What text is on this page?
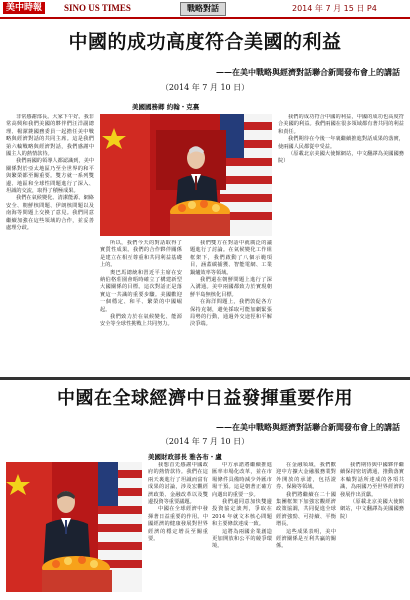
美中時報	SINO US TIMES	戰略對話	2014 年 7 月 15 日 P4
中國的成功高度符合美國的利益
——在美中戰略與經濟對話聯合新聞發布會上的講話
（2014 年 7 月 10 日）
美國國務卿 約翰・克裏

非常感謝部長。大家下午好。我非常高興和我們美國的夥伴們汪洋副總理、楊潔篪國務委員一起擔任美中戰略與經濟對話的共同主席。這是我們第六輪戰略與經濟對話，我們感謝中國主人的熱情款待。

我們兩國的領導人都認識到，美中關係對於亞太地區乃至全世界的和平與繁榮都至關重要。雙方就一系列雙邊、地區和全球性問題進行了深入、坦誠的交流，取得了積極成果。

我們在氣候變化、清潔能源、網絡安全、朝鮮核問題、伊朗核問題以及南海等問題上交換了意見。我們同意繼續加強在這些領域的合作，並妥善處理分歧。

所以，我們今天的對話取得了實質性成果。我們的合作夥伴關係是建立在相互尊重和共同利益基礎上的。

奧巴馬總統和習近平主席在安納伯格莊園會晤時確立了構建新型大國關係的目標。這次對話正是落實這一共識的重要步驟。美國歡迎一個穩定、和平、繁榮的中國崛起。

我們致力於在氣候變化、能源安全等全球性挑戰上共同努力。

我們雙方在對話中就廣泛的議題進行了討論。在氣候變化工作組框架下，我們啟動了八個示範項目，涵蓋碳捕獲、智能電網、工業鍋爐效率等領域。

我們還在朝鮮問題上進行了深入溝通。美中兩國都致力於實現朝鮮半島無核化目標。

在海洋問題上，我們敦促各方保持克制，避免採取可能加劇緊張局勢的行動，通過外交途徑和平解決爭端。

我們的成功符合中國的利益，中國的成功也高度符合美國的利益。我們兩國在很多領域都有著共同的利益和責任。

我們期待在今後一年裏繼續推進對話成果的落實，使兩國人民都從中受益。

（原載北京美國大使館網站，中文翻譯為美國國務院）

中國在全球經濟中日益發揮重要作用
——在美中戰略與經濟對話聯合新聞發布會上的講話
（2014 年 7 月 10 日）
美國財政部長 雅各布・盧

我想首先感謝中國政府的熱情款待。我們在這兩天裏進行了坦誠而富有成果的討論，涉及宏觀經濟政策、金融改革以及雙邊投資等重要議題。

中國在全球經濟中發揮著日益重要的作用。中國經濟的健康發展對世界經濟的穩定增長至關重要。

中方承諾將繼續推進匯率市場化改革，並在市場條件具備時減少外匯市場干預。這是朝著正確方向邁出的重要一步。

我們還同意加快雙邊投資協定談判，爭取在 2014 年就文本核心問題和主要條款達成一致。

這將為兩國企業創造更加開放和公平的競爭環境。

在金融領域，我們歡迎中方擴大金融服務業對外開放的承諾，包括證券、保險等領域。

我們將繼續在二十國集團框架下加強宏觀經濟政策協調，共同促進全球經濟強勁、可持續、平衡增長。

這些成果表明，美中經濟關係是互利共贏的關係。

我們期待與中國夥伴繼續保持密切溝通，推動落實本輪對話所達成的各項共識，為兩國乃至世界經濟的發展作出貢獻。

（原載北京美國大使館網站，中文翻譯為美國國務院）
